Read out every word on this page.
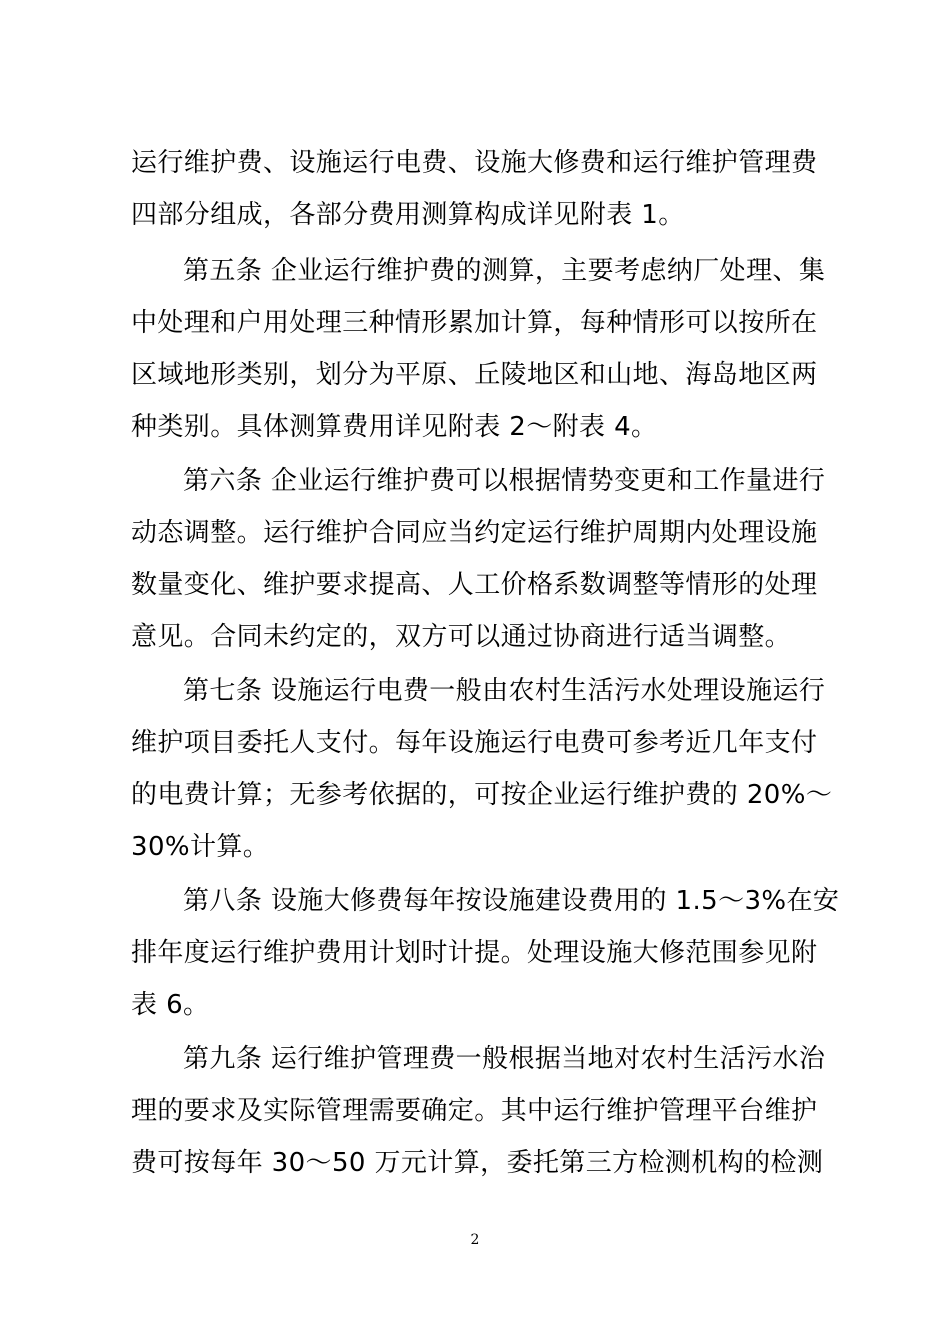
运行维护费、设施运行电费、设施大修费和运行维护管理费
四部分组成，各部分费用测算构成详见附表 1。
第五条 企业运行维护费的测算，主要考虑纳厂处理、集
中处理和户用处理三种情形累加计算，每种情形可以按所在
区域地形类别，划分为平原、丘陵地区和山地、海岛地区两
种类别。具体测算费用详见附表 2～附表 4。
第六条 企业运行维护费可以根据情势变更和工作量进行
动态调整。运行维护合同应当约定运行维护周期内处理设施
数量变化、维护要求提高、人工价格系数调整等情形的处理
意见。合同未约定的，双方可以通过协商进行适当调整。
第七条 设施运行电费一般由农村生活污水处理设施运行
维护项目委托人支付。每年设施运行电费可参考近几年支付
的电费计算；无参考依据的，可按企业运行维护费的 20%～
30%计算。
第八条 设施大修费每年按设施建设费用的 1.5～3%在安
排年度运行维护费用计划时计提。处理设施大修范围参见附
表 6。
第九条 运行维护管理费一般根据当地对农村生活污水治
理的要求及实际管理需要确定。其中运行维护管理平台维护
费可按每年 30～50 万元计算，委托第三方检测机构的检测
2
